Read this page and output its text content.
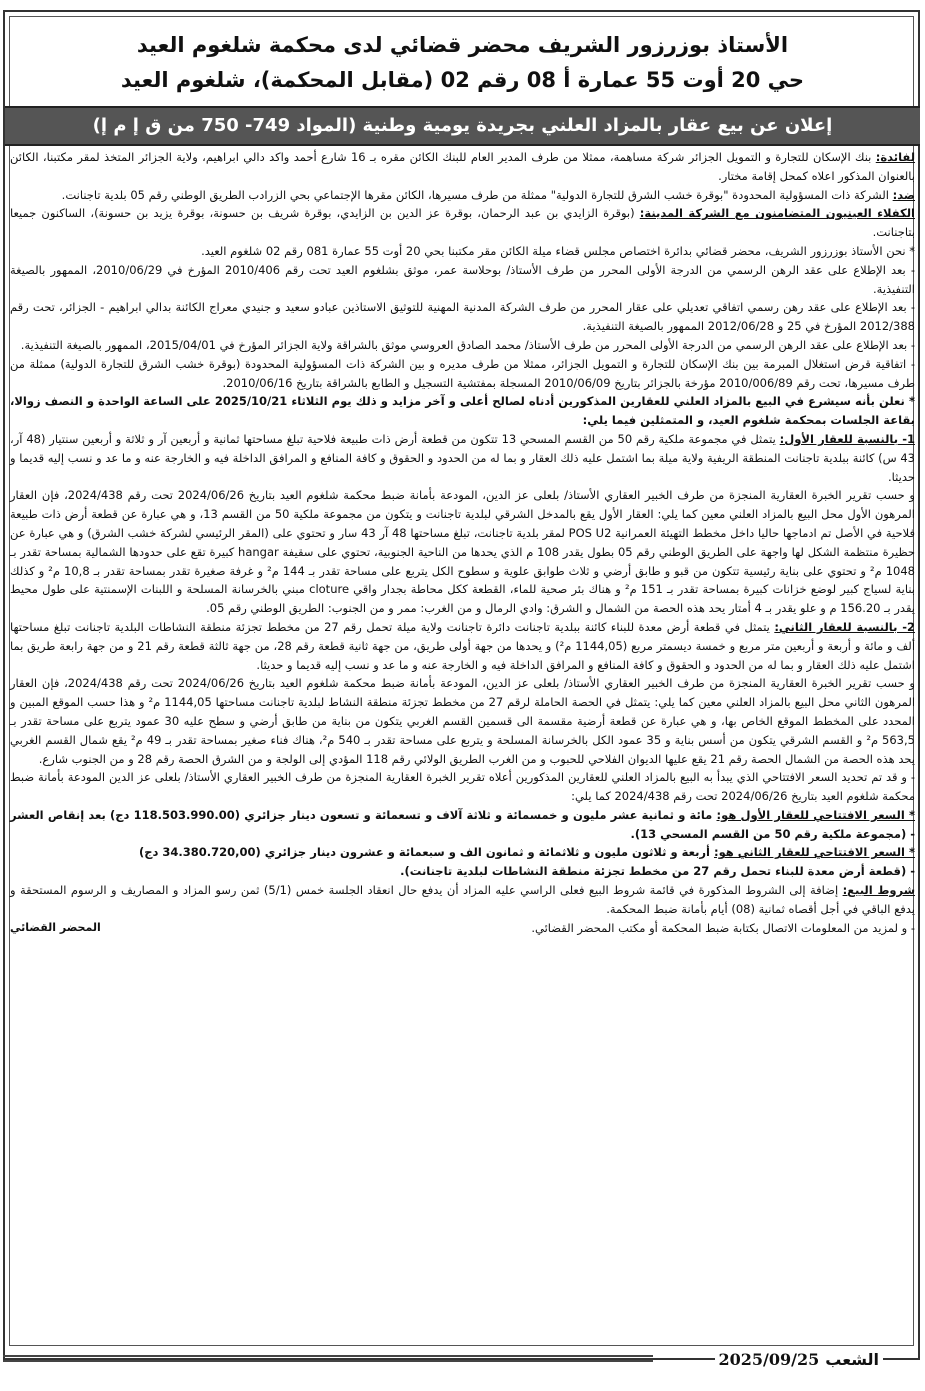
الأستاذ بوزرزور الشريف محضر قضائي لدى محكمة شلغوم العيد
حي 20 أوت 55 عمارة أ 08 رقم 02 (مقابل المحكمة)، شلغوم العيد
إعلان عن بيع عقار بالمزاد العلني بجريدة يومية وطنية (المواد 749- 750 من ق إ م إ)

لفائدة: بنك الإسكان للتجارة و التمويل الجزائر شركة مساهمة، ممثلا من طرف المدير العام للبنك الكائن مقره بـ 16 شارع أحمد واكد دالي ابراهيم، ولاية الجزائر المتخذ لمقر مكتبنا، الكائن بالعنوان المذكور اعلاه كمحل إقامة مختار.

ضد: الشركة ذات المسؤولية المحدودة "بوقرة خشب الشرق للتجارة الدولية" ممثلة من طرف مسيرها، الكائن مقرها الإجتماعي بحي الزرادب الطريق الوطني رقم 05 بلدية تاجنانت.

الكفلاء العينيون المتضامنون مع الشركة المدينة: (بوقرة الزايدي بن عبد الرحمان، بوقرة عز الدين بن الزايدي، بوقرة شريف بن حسونة، بوقرة يزيد بن حسونة)، الساكنون جميعا بتاجنانت.

* نحن الأستاذ بوزرزور الشريف، محضر قضائي بدائرة اختصاص مجلس قضاء ميلة الكائن مقر مكتبنا بحي 20 أوت 55 عمارة 081 رقم 02 شلغوم العيد.

- بعد الإطلاع على عقد الرهن الرسمي من الدرجة الأولى المحرر من طرف الأستاذ/ بوحلاسة عمر، موثق بشلغوم العيد تحت رقم 2010/406 المؤرخ في 2010/06/29، الممهور بالصيغة التنفيذية.

- بعد الإطلاع على عقد رهن رسمي اتفاقي تعديلي على عقار المحرر من طرف الشركة المدنية المهنية للتوثيق الاستاذين عبادو سعيد و جنيدي معراج الكائنة بدالي ابراهيم - الجزائر، تحت رقم 2012/388 المؤرخ في 25 و 2012/06/28 الممهور بالصيغة التنفيذية.

- بعد الإطلاع على عقد الرهن الرسمي من الدرجة الأولى المحرر من طرف الأستاذ/ محمد الصادق العروسي موثق بالشراقة ولاية الجزائر المؤرخ في 2015/04/01، الممهور بالصيغة التنفيذية.

- اتفاقية قرض استغلال المبرمة بين بنك الإسكان للتجارة و التمويل الجزائر، ممثلا من طرف مديره و بين الشركة ذات المسؤولية المحدودة (بوقرة خشب الشرق للتجارة الدولية) ممثلة من طرف مسيرها، تحت رقم 2010/006/89 مؤرخة بالجزائر بتاريخ 2010/06/09 المسجلة بمفتشية التسجيل و الطابع بالشراقة بتاريخ 2010/06/16.

* نعلن بأنه سيشرع في البيع بالمزاد العلني للعقارين المذكورين أدناه لصالح أعلى و آخر مزايد و ذلك يوم الثلاثاء 2025/10/21 على الساعة الواحدة و النصف زوالا، بقاعة الجلسات بمحكمة شلغوم العيد، و المتمثلين فيما يلي:

1- بالنسبة للعقار الأول: يتمثل في مجموعة ملكية رقم 50 من القسم المسحي 13 تتكون من قطعة أرض ذات طبيعة فلاحية تبلغ مساحتها ثمانية و أربعين آر و ثلاثة و أربعين سنتيار (48 آر، 43 س) كائنة ببلدية تاجنانت المنطقة الريفية ولاية ميلة بما اشتمل عليه ذلك العقار و بما له من الحدود و الحقوق و كافة المنافع و المرافق الداخلة فيه و الخارجة عنه و ما عد و نسب إليه قديما و حديثا.

و حسب تقرير الخبرة العقارية المنجزة من طرف الخبير العقاري الأستاذ/ بلعلى عز الدين، المودعة بأمانة ضبط محكمة شلغوم العيد بتاريخ 2024/06/26 تحت رقم 2024/438، فإن العقار المرهون الأول محل البيع بالمزاد العلني معين كما يلي: العقار الأول يقع بالمدخل الشرقي لبلدية تاجنانت و يتكون من مجموعة ملكية 50 من القسم 13، و هي عبارة عن قطعة أرض ذات طبيعة فلاحية في الأصل تم ادماجها حاليا داخل مخطط التهيئة العمرانية POS U2 لمقر بلدية تاجنانت، تبلغ مساحتها 48 آر 43 سار و تحتوي على (المقر الرئيسي لشركة خشب الشرق) و هي عبارة عن حظيرة منتظمة الشكل لها واجهة على الطريق الوطني رقم 05 بطول يقدر 108 م الذي يحدها من الناحية الجنوبية، تحتوي على سقيفة hangar كبيرة تقع على حدودها الشمالية بمساحة تقدر بـ 1048 م² و تحتوي على بناية رئيسية تتكون من قبو و طابق أرضي و ثلاث طوابق علوية و سطوح الكل يتربع على مساحة تقدر بـ 144 م² و غرفة صغيرة تقدر بمساحة تقدر بـ 10,8 م² و كذلك بناية لسياج كبير لوضع خزانات كبيرة بمساحة تقدر بـ 151 م² و هناك بئر صحية للماء، القطعة ككل محاطة بجدار واقي cloture مبني بالخرسانة المسلحة و اللبنات الإسمنتية على طول محيط يقدر بـ 156.20 م و علو يقدر بـ 4 أمتار يحد هذه الحصة من الشمال و الشرق: وادي الرمال و من الغرب: ممر و من الجنوب: الطريق الوطني رقم 05.

2- بالنسبة للعقار الثاني: يتمثل في قطعة أرض معدة للبناء كائنة ببلدية تاجنانت دائرة تاجنانت ولاية ميلة تحمل رقم 27 من مخطط تجزئة منطقة النشاطات البلدية تاجنانت تبلغ مساحتها ألف و مائة و أربعة و أربعين متر مربع و خمسة ديسمتر مربع (1144,05 م²) و يحدها من جهة أولى طريق، من جهة ثانية قطعة رقم 28، من جهة ثالثة قطعة رقم 21 و من جهة رابعة طريق بما اشتمل عليه ذلك العقار و بما له من الحدود و الحقوق و كافة المنافع و المرافق الداخلة فيه و الخارجة عنه و ما عد و نسب إليه قديما و حديثا.

و حسب تقرير الخبرة العقارية المنجزة من طرف الخبير العقاري الأستاذ/ بلعلى عز الدين، المودعة بأمانة ضبط محكمة شلغوم العيد بتاريخ 2024/06/26 تحت رقم 2024/438، فإن العقار المرهون الثاني محل البيع بالمزاد العلني معين كما يلي: يتمثل في الحصة الحاملة لرقم 27 من مخطط تجزئة منطقة النشاط لبلدية تاجنانت مساحتها 1144,05 م² و هذا حسب الموقع المبين و المحدد على المخطط الموقع الخاص بها، و هي عبارة عن قطعة أرضية مقسمة الى قسمين القسم الغربي يتكون من بناية من طابق أرضي و سطح عليه 30 عمود يتربع على مساحة تقدر بـ 563,5 م² و القسم الشرقي يتكون من أسس بناية و 35 عمود الكل بالخرسانة المسلحة و يتربع على مساحة تقدر بـ 540 م²، هناك فناء صغير بمساحة تقدر بـ 49 م² يقع شمال القسم الغربي يحد هذه الحصة من الشمال الحصة رقم 21 يقع عليها الديوان الفلاحي للحبوب و من الغرب الطريق الولائي رقم 118 المؤدي إلى الولجة و من الشرق الحصة رقم 28 و من الجنوب شارع.

- و قد تم تحديد السعر الافتتاحي الذي يبدأ به البيع بالمزاد العلني للعقارين المذكورين أعلاه تقرير الخبرة العقارية المنجزة من طرف الخبير العقاري الأستاذ/ بلعلى عز الدين المودعة بأمانة ضبط محكمة شلغوم العيد بتاريخ 2024/06/26 تحت رقم 2024/438 كما يلي:

* السعر الافتتاحي للعقار الأول هو: مائة و ثمانية عشر مليون و خمسمائة و ثلاثة آلاف و تسعمائة و تسعون دينار جزائري (118.503.990.00 دج) بعد إنقاص العشر - (مجموعة ملكية رقم 50 من القسم المسحي 13).

* السعر الافتتاحي للعقار الثاني هو: أربعة و ثلاثون مليون و ثلاثمائة و ثمانون الف و سبعمائة و عشرون دينار جزائري (34.380.720,00 دج)

- (قطعة أرض معدة للبناء تحمل رقم 27 من مخطط تجزئة منطقة النشاطات لبلدية تاجنانت).

شروط البيع: إضافة إلى الشروط المذكورة في قائمة شروط البيع فعلى الراسي عليه المزاد أن يدفع حال انعقاد الجلسة خمس (5/1) ثمن رسو المزاد و المصاريف و الرسوم المستحقة و يدفع الباقي في أجل أقصاه ثمانية (08) أيام بأمانة ضبط المحكمة.

- و لمزيد من المعلومات الاتصال بكتابة ضبط المحكمة أو مكتب المحضر القضائي.
المحضر القضائي

الشعب
2025/09/25
